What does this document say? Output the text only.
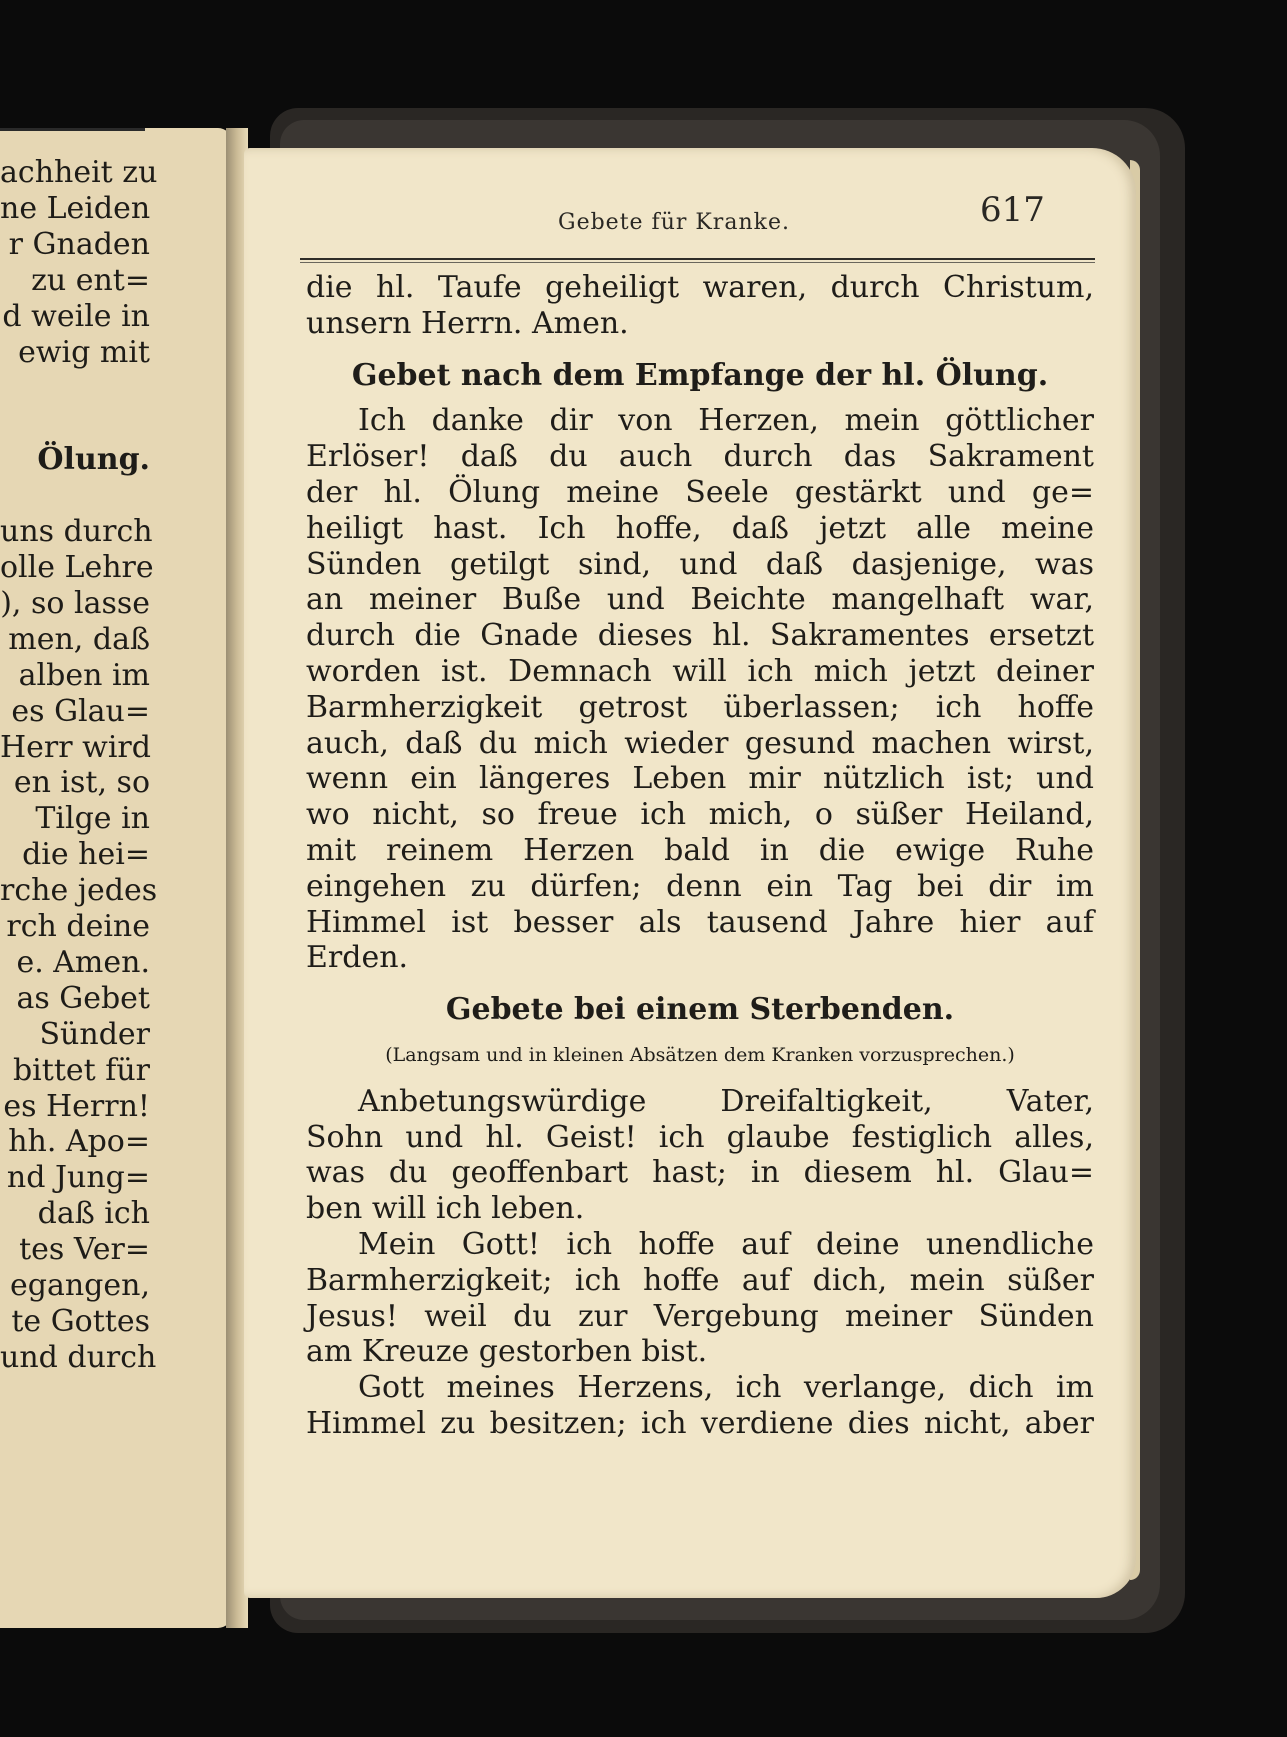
achheit zu
ne Leiden
r Gnaden
zu ent=
d weile in
ewig mit

Ölung.

uns durch
olle Lehre
), so lasse
men, daß
alben im
es Glau=
Herr wird
en ist, so
Tilge in
die hei=
rche jedes
rch deine
e. Amen.
as Gebet
Sünder
bittet für
es Herrn!
hh. Apo=
nd Jung=
daß ich
tes Ver=
egangen,
te Gottes
und durch
Gebete für Kranke.	617
die hl. Taufe geheiligt waren, durch Christum,
unsern Herrn. Amen.
Gebet nach dem Empfange der hl. Ölung.
Ich danke dir von Herzen, mein göttlicher
Erlöser! daß du auch durch das Sakrament
der hl. Ölung meine Seele gestärkt und ge=
heiligt hast. Ich hoffe, daß jetzt alle meine
Sünden getilgt sind, und daß dasjenige, was
an meiner Buße und Beichte mangelhaft war,
durch die Gnade dieses hl. Sakramentes ersetzt
worden ist. Demnach will ich mich jetzt deiner
Barmherzigkeit getrost überlassen; ich hoffe
auch, daß du mich wieder gesund machen wirst,
wenn ein längeres Leben mir nützlich ist; und
wo nicht, so freue ich mich, o süßer Heiland,
mit reinem Herzen bald in die ewige Ruhe
eingehen zu dürfen; denn ein Tag bei dir im
Himmel ist besser als tausend Jahre hier auf
Erden.
Gebete bei einem Sterbenden.
(Langsam und in kleinen Absätzen dem Kranken vorzusprechen.)
Anbetungswürdige Dreifaltigkeit, Vater,
Sohn und hl. Geist! ich glaube festiglich alles,
was du geoffenbart hast; in diesem hl. Glau=
ben will ich leben.
Mein Gott! ich hoffe auf deine unendliche
Barmherzigkeit; ich hoffe auf dich, mein süßer
Jesus! weil du zur Vergebung meiner Sünden
am Kreuze gestorben bist.
Gott meines Herzens, ich verlange, dich im
Himmel zu besitzen; ich verdiene dies nicht, aber
